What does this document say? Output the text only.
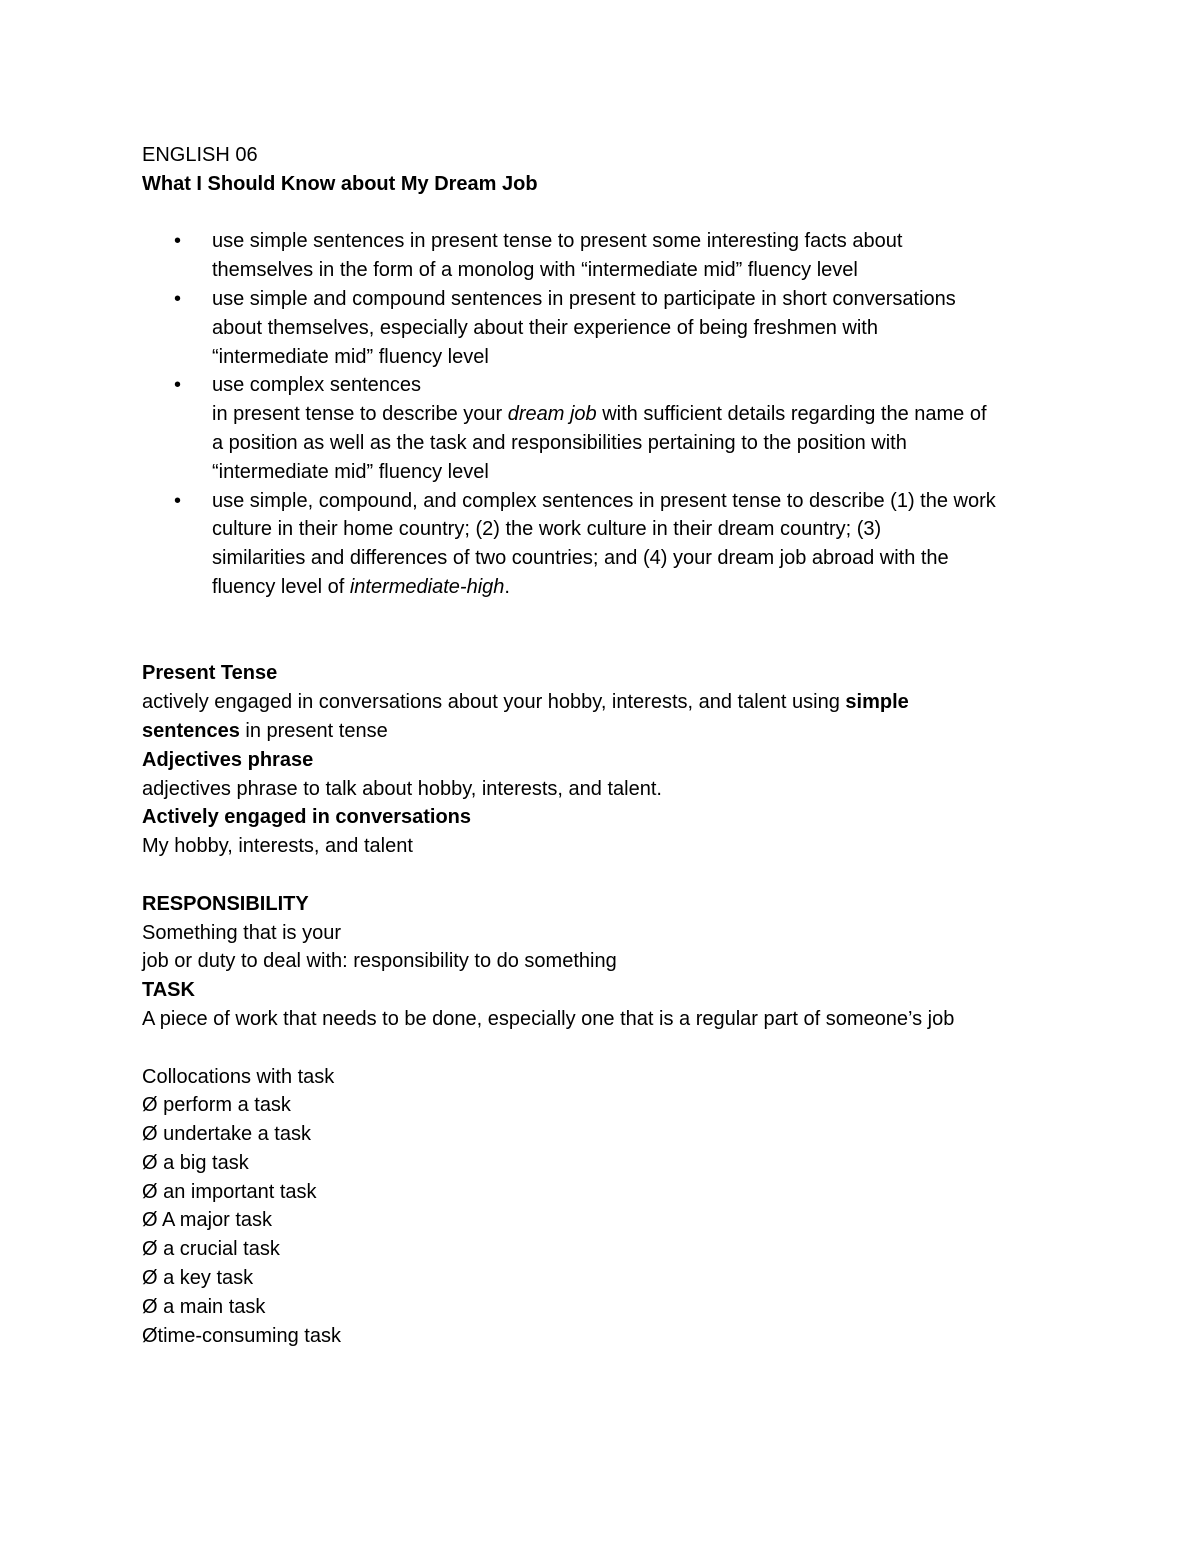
ENGLISH 06
What I Should Know about My Dream Job
• use simple sentences in present tense to present some interesting facts about
themselves in the form of a monolog with “intermediate mid” fluency level
• use simple and compound sentences in present to participate in short conversations
about themselves, especially about their experience of being freshmen with
“intermediate mid” fluency level
• use complex sentences
in present tense to describe your dream job with sufficient details regarding the name of
a position as well as the task and responsibilities pertaining to the position with
“intermediate mid” fluency level
• use simple, compound, and complex sentences in present tense to describe (1) the work
culture in their home country; (2) the work culture in their dream country; (3)
similarities and differences of two countries; and (4) your dream job abroad with the
fluency level of intermediate-high.
Present Tense
actively engaged in conversations about your hobby, interests, and talent using simple
sentences in present tense
Adjectives phrase
adjectives phrase to talk about hobby, interests, and talent.
Actively engaged in conversations
My hobby, interests, and talent
RESPONSIBILITY
Something that is your
job or duty to deal with: responsibility to do something
TASK
A piece of work that needs to be done, especially one that is a regular part of someone’s job
Collocations with task
Ø perform a task
Ø undertake a task
Ø a big task
Ø an important task
Ø A major task
Ø a crucial task
Ø a key task
Ø a main task
Øtime-consuming task
